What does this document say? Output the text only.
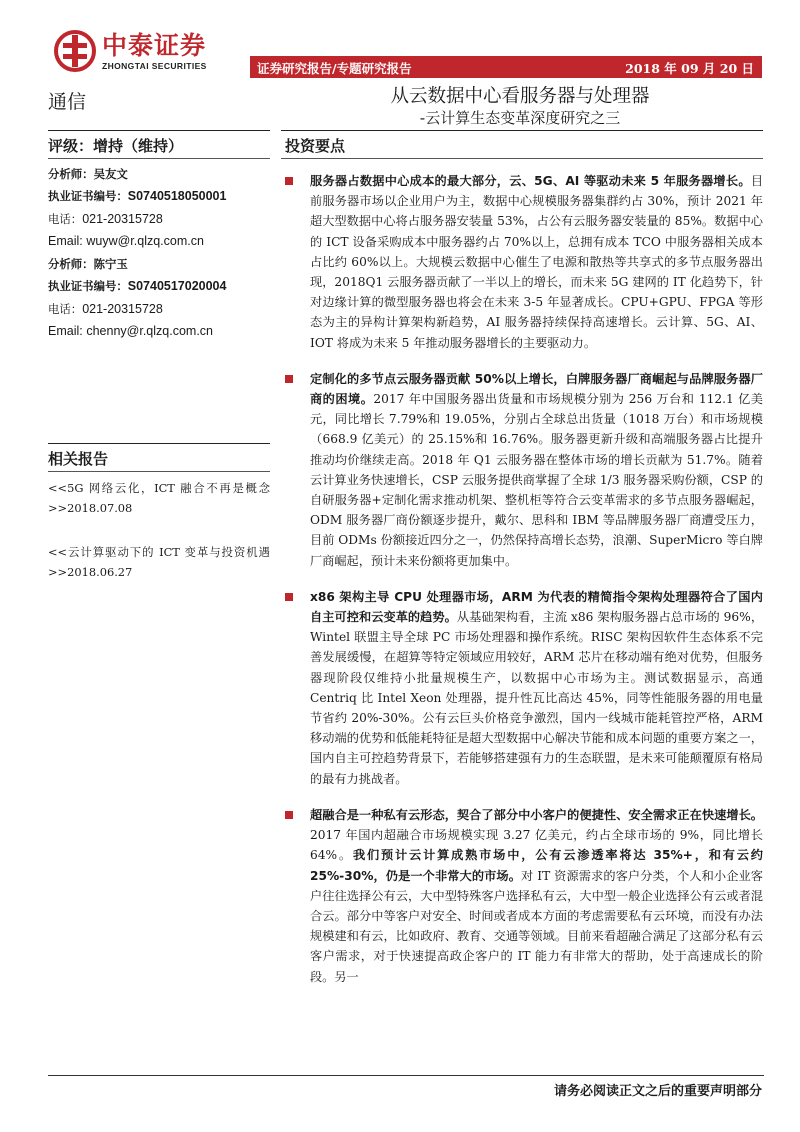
中泰证券
ZHONGTAI SECURITIES	证券研究报告/专题研究报告	2018 年 09 月 20 日
通信	从云数据中心看服务器与处理器
-云计算生态变革深度研究之三
评级：增持（维持）
分析师：吴友文
执业证书编号：S0740518050001
电话：021-20315728
Email: wuyw@r.qlzq.com.cn
分析师：陈宁玉
执业证书编号：S0740517020004
电话：021-20315728
Email: chenny@r.qlzq.com.cn
相关报告
<<5G 网络云化，ICT 融合不再是概念>>2018.07.08
<<云计算驱动下的 ICT 变革与投资机遇>>2018.06.27
投资要点

服务器占数据中心成本的最大部分，云、5G、AI 等驱动未来 5 年服务器增长。目前服务器市场以企业用户为主，数据中心规模服务器集群约占 30%，预计 2021 年超大型数据中心将占服务器安装量 53%，占公有云服务器安装量的 85%。数据中心的 ICT 设备采购成本中服务器约占 70%以上，总拥有成本 TCO 中服务器相关成本占比约 60%以上。大规模云数据中心催生了电源和散热等共享式的多节点服务器出现，2018Q1 云服务器贡献了一半以上的增长，而未来 5G 建网的 IT 化趋势下，针对边缘计算的微型服务器也将会在未来 3-5 年显著成长。CPU+GPU、FPGA 等形态为主的异构计算架构新趋势，AI 服务器持续保持高速增长。云计算、5G、AI、IOT 将成为未来 5 年推动服务器增长的主要驱动力。

定制化的多节点云服务器贡献 50%以上增长，白牌服务器厂商崛起与品牌服务器厂商的困境。2017 年中国服务器出货量和市场规模分别为 256 万台和 112.1 亿美元，同比增长 7.79%和 19.05%，分别占全球总出货量（1018 万台）和市场规模（668.9 亿美元）的 25.15%和 16.76%。服务器更新升级和高端服务器占比提升推动均价继续走高。2018 年 Q1 云服务器在整体市场的增长贡献为 51.7%。随着云计算业务快速增长，CSP 云服务提供商掌握了全球 1/3 服务器采购份额，CSP 的自研服务器+定制化需求推动机架、整机柜等符合云变革需求的多节点服务器崛起，ODM 服务器厂商份额逐步提升，戴尔、思科和 IBM 等品牌服务器厂商遭受压力，目前 ODMs 份额接近四分之一，仍然保持高增长态势，浪潮、SuperMicro 等白牌厂商崛起，预计未来份额将更加集中。

x86 架构主导 CPU 处理器市场，ARM 为代表的精简指令架构处理器符合了国内自主可控和云变革的趋势。从基础架构看，主流 x86 架构服务器占总市场的 96%，Wintel 联盟主导全球 PC 市场处理器和操作系统。RISC 架构因软件生态体系不完善发展缓慢，在超算等特定领域应用较好，ARM 芯片在移动端有绝对优势，但服务器现阶段仅维持小批量规模生产，以数据中心市场为主。测试数据显示，高通 Centriq 比 Intel Xeon 处理器，提升性瓦比高达 45%，同等性能服务器的用电量节省约 20%-30%。公有云巨头价格竞争激烈，国内一线城市能耗管控严格，ARM 移动端的优势和低能耗特征是超大型数据中心解决节能和成本问题的重要方案之一，国内自主可控趋势背景下，若能够搭建强有力的生态联盟，是未来可能颠覆原有格局的最有力挑战者。

超融合是一种私有云形态，契合了部分中小客户的便捷性、安全需求正在快速增长。2017 年国内超融合市场规模实现 3.27 亿美元，约占全球市场的 9%，同比增长 64%。我们预计云计算成熟市场中，公有云渗透率将达 35%+，和有云约 25%-30%，仍是一个非常大的市场。对 IT 资源需求的客户分类，个人和小企业客户往往选择公有云，大中型特殊客户选择私有云，大中型一般企业选择公有云或者混合云。部分中等客户对安全、时间或者成本方面的考虑需要私有云环境，而没有办法规模建和有云，比如政府、教育、交通等领域。目前来看超融合满足了这部分私有云客户需求，对于快速提高政企客户的 IT 能力有非常大的帮助，处于高速成长的阶段。另一

请务必阅读正文之后的重要声明部分
